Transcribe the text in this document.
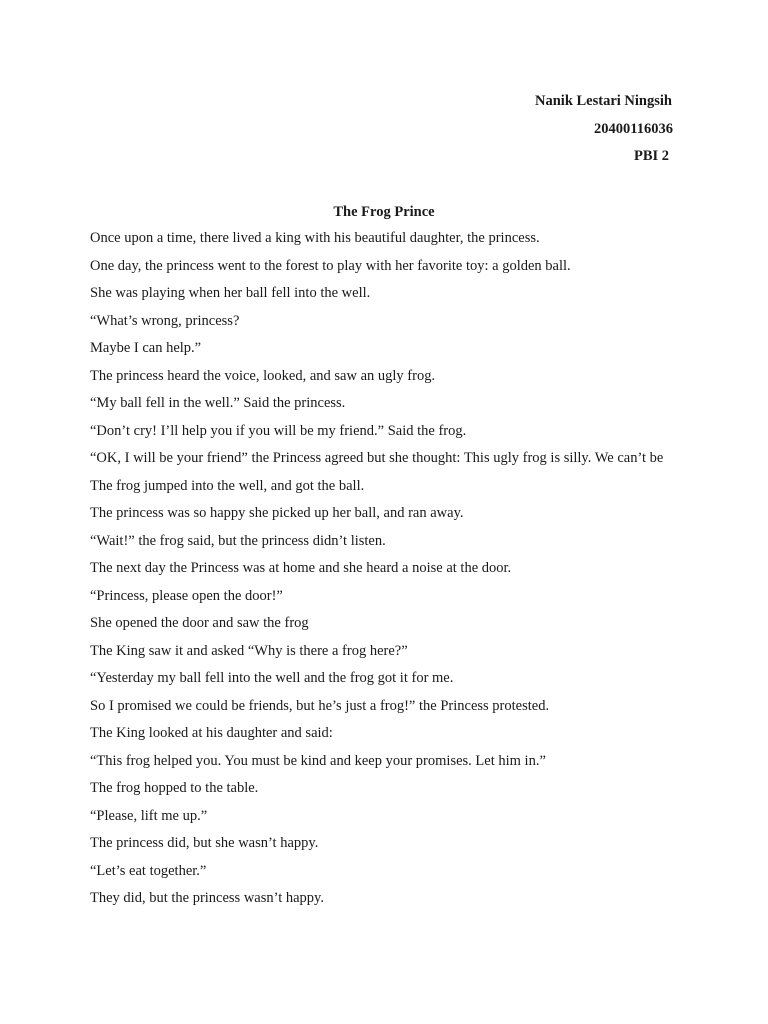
Nanik Lestari Ningsih
20400116036
PBI 2
The Frog Prince

Once upon a time, there lived a king with his beautiful daughter, the princess.

One day, the princess went to the forest to play with her favorite toy: a golden ball.

She was playing when her ball fell into the well.

“What’s wrong, princess?

Maybe I can help.”

The princess heard the voice, looked, and saw an ugly frog.

“My ball fell in the well.” Said the princess.

“Don’t cry! I’ll help you if you will be my friend.” Said the frog.

“OK, I will be your friend” the Princess agreed but she thought: This ugly frog is silly. We can’t be

The frog jumped into the well, and got the ball.

The princess was so happy she picked up her ball, and ran away.

“Wait!” the frog said, but the princess didn’t listen.

The next day the Princess was at home and she heard a noise at the door.

“Princess, please open the door!”

She opened the door and saw the frog

The King saw it and asked “Why is there a frog here?”

“Yesterday my ball fell into the well and the frog got it for me.

So I promised we could be friends, but he’s just a frog!” the Princess protested.

The King looked at his daughter and said:

“This frog helped you. You must be kind and keep your promises. Let him in.”

The frog hopped to the table.

“Please, lift me up.”

The princess did, but she wasn’t happy.

“Let’s eat together.”

They did, but the princess wasn’t happy.
